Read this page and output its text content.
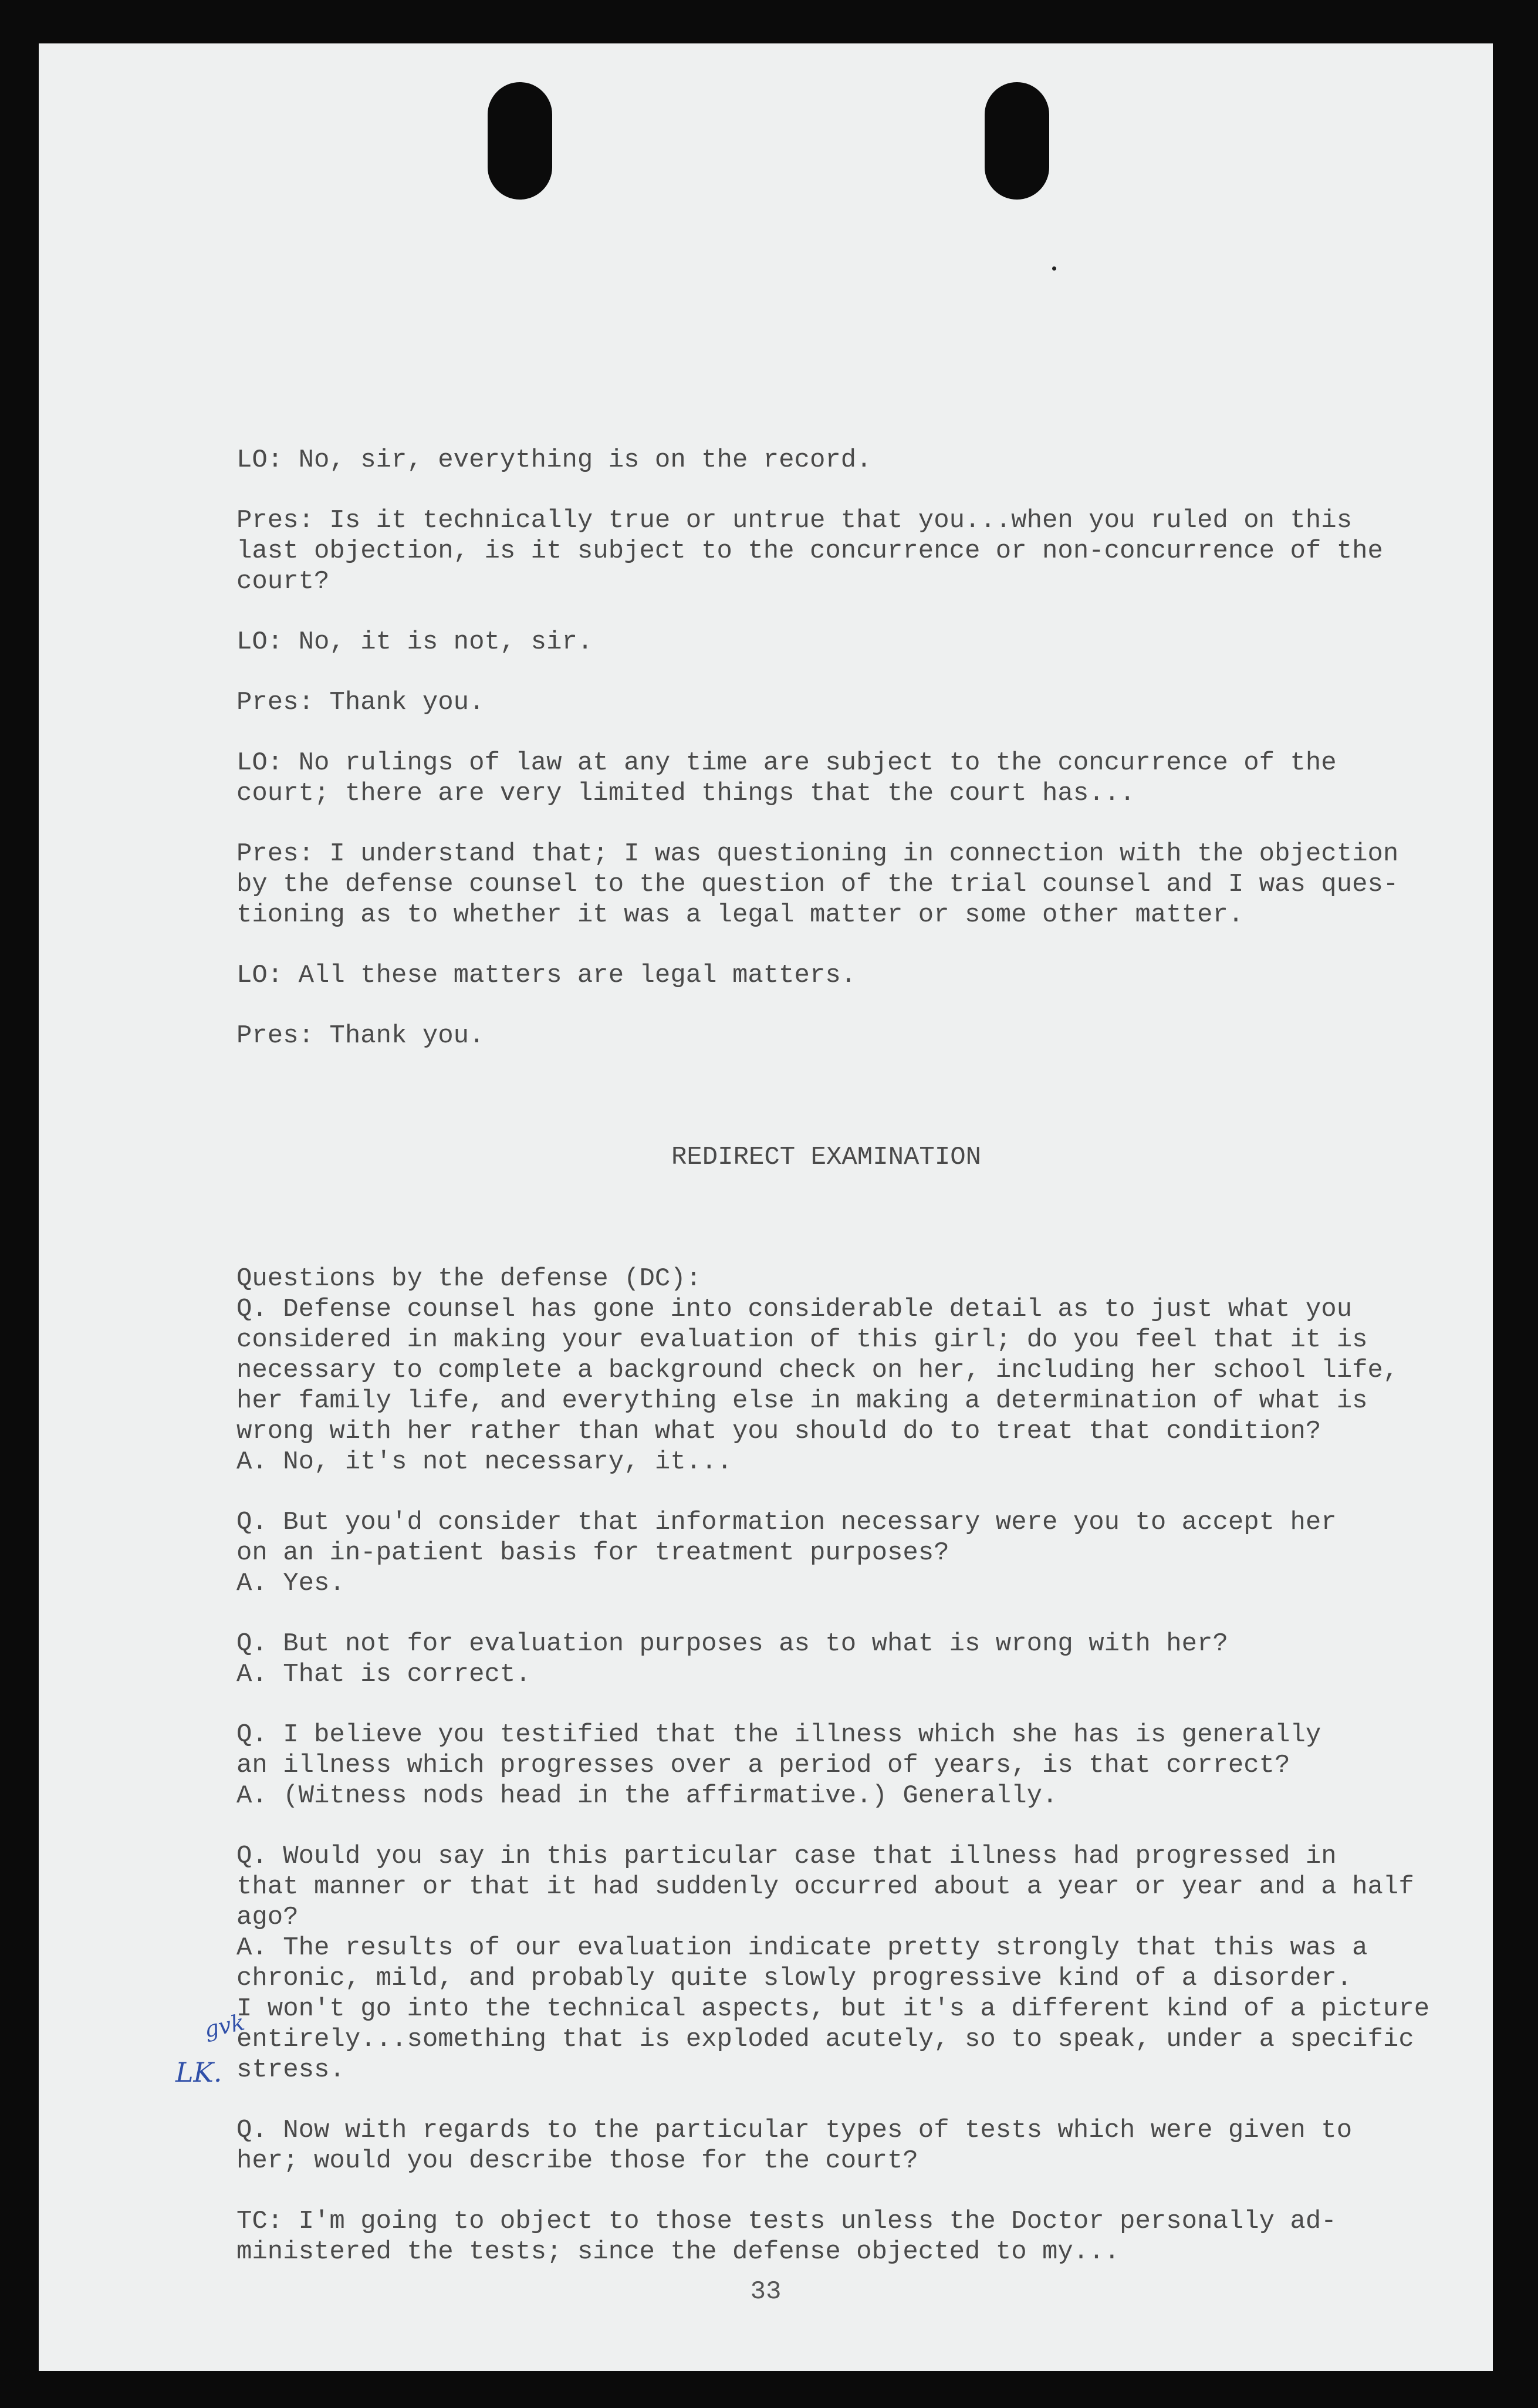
LO: No, sir, everything is on the record.
Pres: Is it technically true or untrue that you...when you ruled on this
last objection, is it subject to the concurrence or non-concurrence of the
court?
LO: No, it is not, sir.
Pres: Thank you.
LO: No rulings of law at any time are subject to the concurrence of the
court; there are very limited things that the court has...
Pres: I understand that; I was questioning in connection with the objection
by the defense counsel to the question of the trial counsel and I was ques-
tioning as to whether it was a legal matter or some other matter.
LO: All these matters are legal matters.
Pres: Thank you.

REDIRECT EXAMINATION

Questions by the defense (DC):
Q. Defense counsel has gone into considerable detail as to just what you
considered in making your evaluation of this girl; do you feel that it is
necessary to complete a background check on her, including her school life,
her family life, and everything else in making a determination of what is
wrong with her rather than what you should do to treat that condition?
A. No, it's not necessary, it...
Q. But you'd consider that information necessary were you to accept her
on an in-patient basis for treatment purposes?
A. Yes.
Q. But not for evaluation purposes as to what is wrong with her?
A. That is correct.
Q. I believe you testified that the illness which she has is generally
an illness which progresses over a period of years, is that correct?
A. (Witness nods head in the affirmative.) Generally.
Q. Would you say in this particular case that illness had progressed in
that manner or that it had suddenly occurred about a year or year and a half
ago?
A. The results of our evaluation indicate pretty strongly that this was a
chronic, mild, and probably quite slowly progressive kind of a disorder.
I won't go into the technical aspects, but it's a different kind of a picture
entirely...something that is exploded acutely, so to speak, under a specific
stress.
Q. Now with regards to the particular types of tests which were given to
her; would you describe those for the court?
TC: I'm going to object to those tests unless the Doctor personally ad-
ministered the tests; since the defense objected to my...

gvk
LK.
33
